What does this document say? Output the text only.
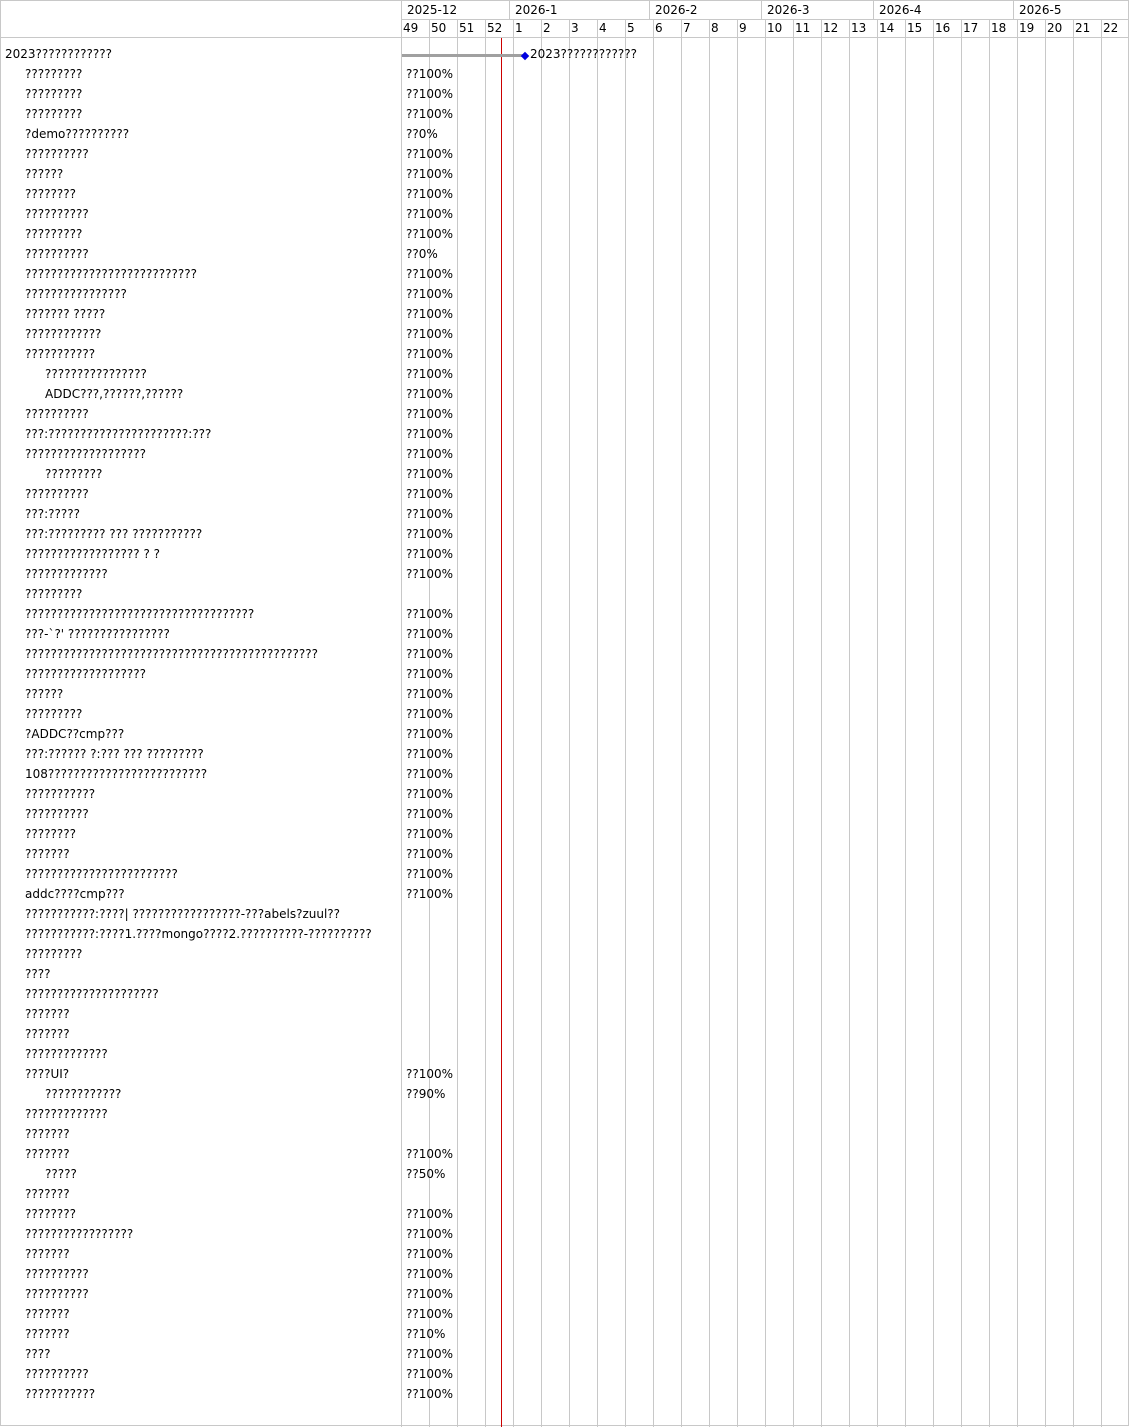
49 50 51 52 1 2 3 4 5 6 7 8 9 10 11 12 13 14 15 16 17 18 19 20 21 22
2025-12	2026-1	2026-2	2026-3	2026-4	2026-5
2023????????????	2023????????????
?????????	??100%
?????????	??100%
?????????	??100%
?demo??????????	??0%
??????????	??100%
??????	??100%
????????	??100%
??????????	??100%
?????????	??100%
??????????	??0%
???????????????????????????	??100%
????????????????	??100%
??????? ?????	??100%
????????????	??100%
???????????	??100%
????????????????	??100%
ADDC???,??????,??????	??100%
??????????	??100%
???:??????????????????????:???	??100%
???????????????????	??100%
?????????	??100%
??????????	??100%
???:?????	??100%
???:????????? ??? ???????????	??100%
?????????????????? ? ?	??100%
?????????????	??100%
?????????
????????????????????????????????????	??100%
???-`?' ????????????????	??100%
??????????????????????????????????????????????	??100%
???????????????????	??100%
??????	??100%
?????????	??100%
?ADDC??cmp???	??100%
???:?????? ?:??? ??? ?????????	??100%
108?????????????????????????	??100%
???????????	??100%
??????????	??100%
????????	??100%
???????	??100%
????????????????????????	??100%
addc????cmp???	??100%
???????????:????| ?????????????????-???abels?zuul??
???????????:????1.????mongo????2.??????????-??????????
?????????
????
?????????????????????
???????
???????
?????????????
????UI?	??100%
????????????	??90%
?????????????
???????
???????	??100%
?????	??50%
???????
????????	??100%
?????????????????	??100%
???????	??100%
??????????	??100%
??????????	??100%
???????	??100%
???????	??10%
????	??100%
??????????	??100%
???????????	??100%
